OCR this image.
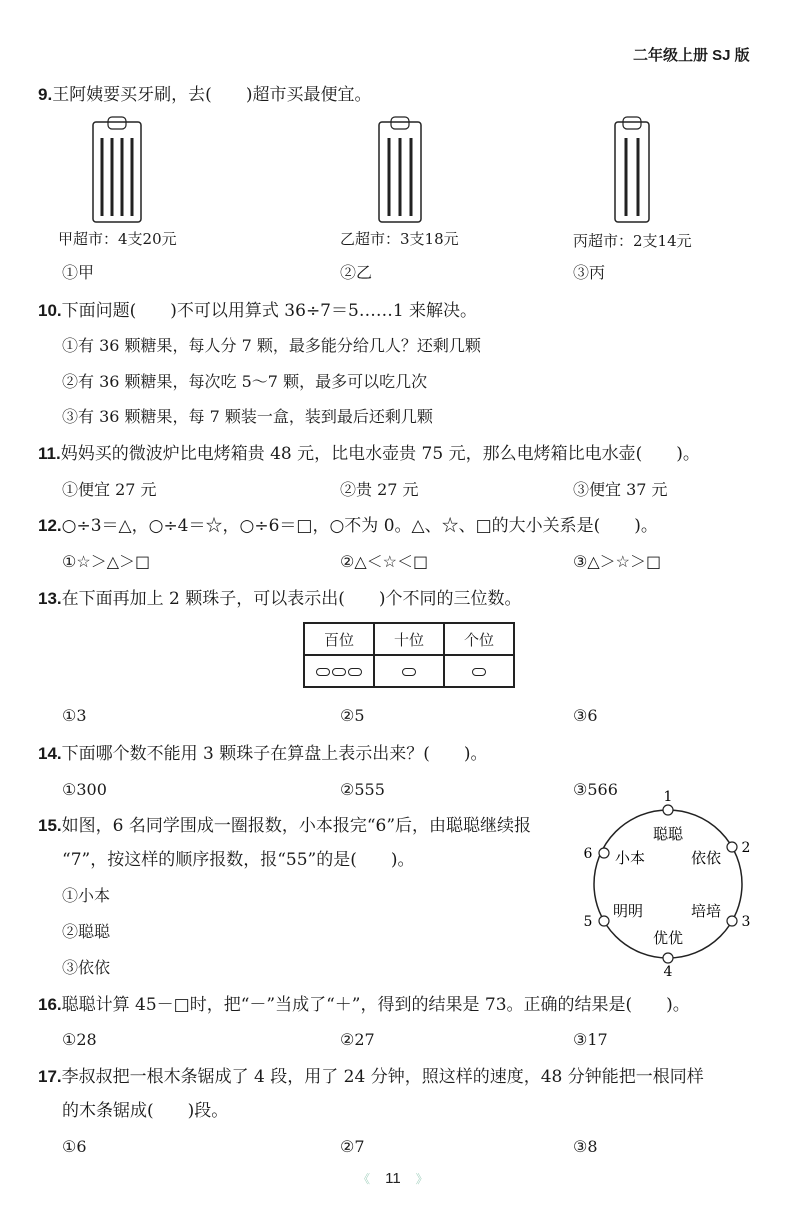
二年级上册 SJ 版
9.王阿姨要买牙刷，去(　　)超市买最便宜。
甲超市：4支20元	乙超市：3支18元	丙超市：2支14元
①甲	②乙	③丙
10.下面问题(　　)不可以用算式 36÷7＝5……1 来解决。
①有 36 颗糖果，每人分 7 颗，最多能分给几人？还剩几颗
②有 36 颗糖果，每次吃 5～7 颗，最多可以吃几次
③有 36 颗糖果，每 7 颗装一盒，装到最后还剩几颗
11.妈妈买的微波炉比电烤箱贵 48 元，比电水壶贵 75 元，那么电烤箱比电水壶(　　)。
①便宜 27 元	②贵 27 元	③便宜 37 元
12.○÷3＝△，○÷4＝☆，○÷6＝□，○不为 0。△、☆、□的大小关系是(　　)。
①☆＞△＞□	②△＜☆＜□	③△＞☆＞□
13.在下面再加上 2 颗珠子，可以表示出(　　)个不同的三位数。
百位	十位	个位

①3	②5	③6
14.下面哪个数不能用 3 颗珠子在算盘上表示出来？(　　)。
①300	②555	③566
15.如图，6 名同学围成一圈报数，小本报完“6”后，由聪聪继续报
“7”，按这样的顺序报数，报“55”的是(　　)。
①小本
②聪聪
③依依
1
聪聪
2
依依
3
培培
4
优优
5
明明
6 小本
16.聪聪计算 45－□时，把“－”当成了“＋”，得到的结果是 73。正确的结果是(　　)。
①28	②27	③17
17.李叔叔把一根木条锯成了 4 段，用了 24 分钟，照这样的速度，48 分钟能把一根同样
的木条锯成(　　)段。
①6	②7	③8
《 11 》
